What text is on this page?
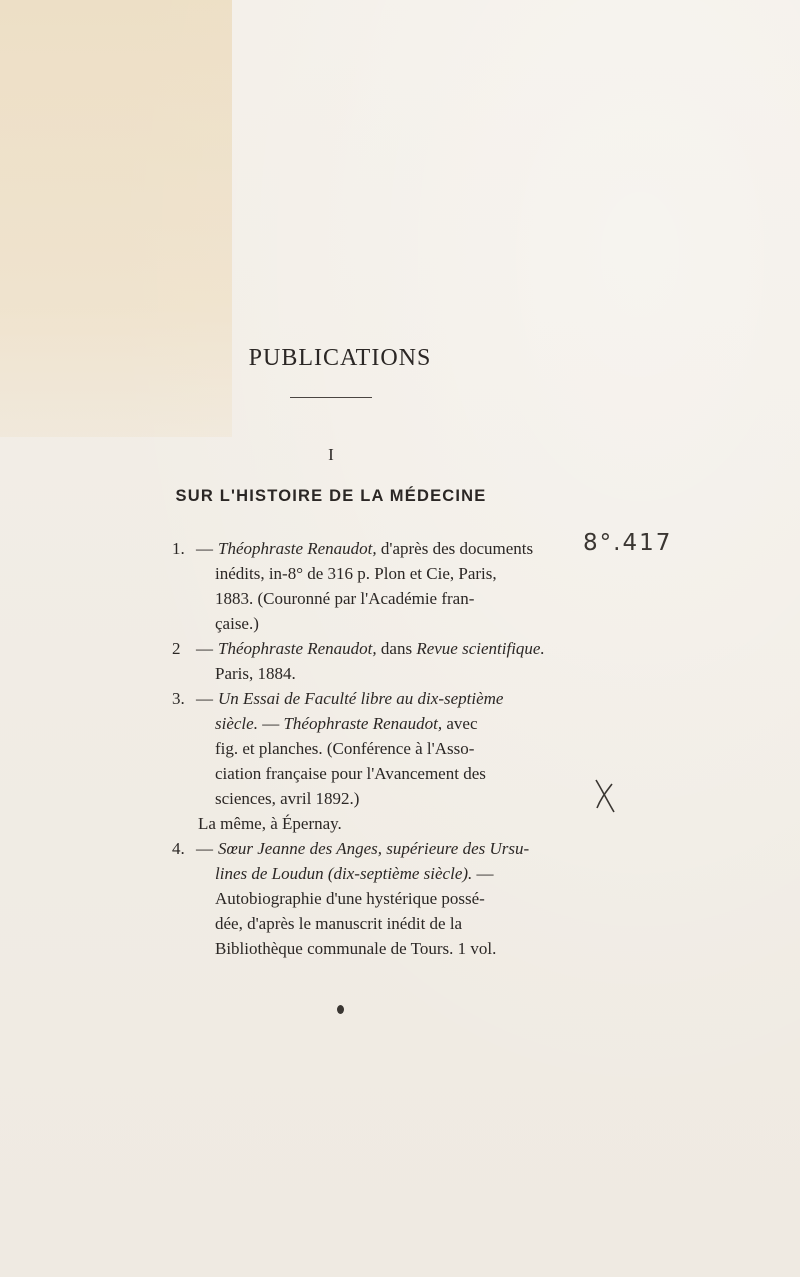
PUBLICATIONS
I
SUR L'HISTOIRE DE LA MÉDECINE
1. — Théophraste Renaudot, d'après des documents
inédits, in-8° de 316 p. Plon et Cie, Paris,
1883. (Couronné par l'Académie fran-
çaise.)
2 — Théophraste Renaudot, dans Revue scientifique.
Paris, 1884.
3. — Un Essai de Faculté libre au dix-septième
siècle. — Théophraste Renaudot, avec
fig. et planches. (Conférence à l'Asso-
ciation française pour l'Avancement des
sciences, avril 1892.)
La même, à Épernay.
4. — Sœur Jeanne des Anges, supérieure des Ursu-
lines de Loudun (dix-septième siècle). —
Autobiographie d'une hystérique possé-
dée, d'après le manuscrit inédit de la
Bibliothèque communale de Tours. 1 vol.
8°.417
